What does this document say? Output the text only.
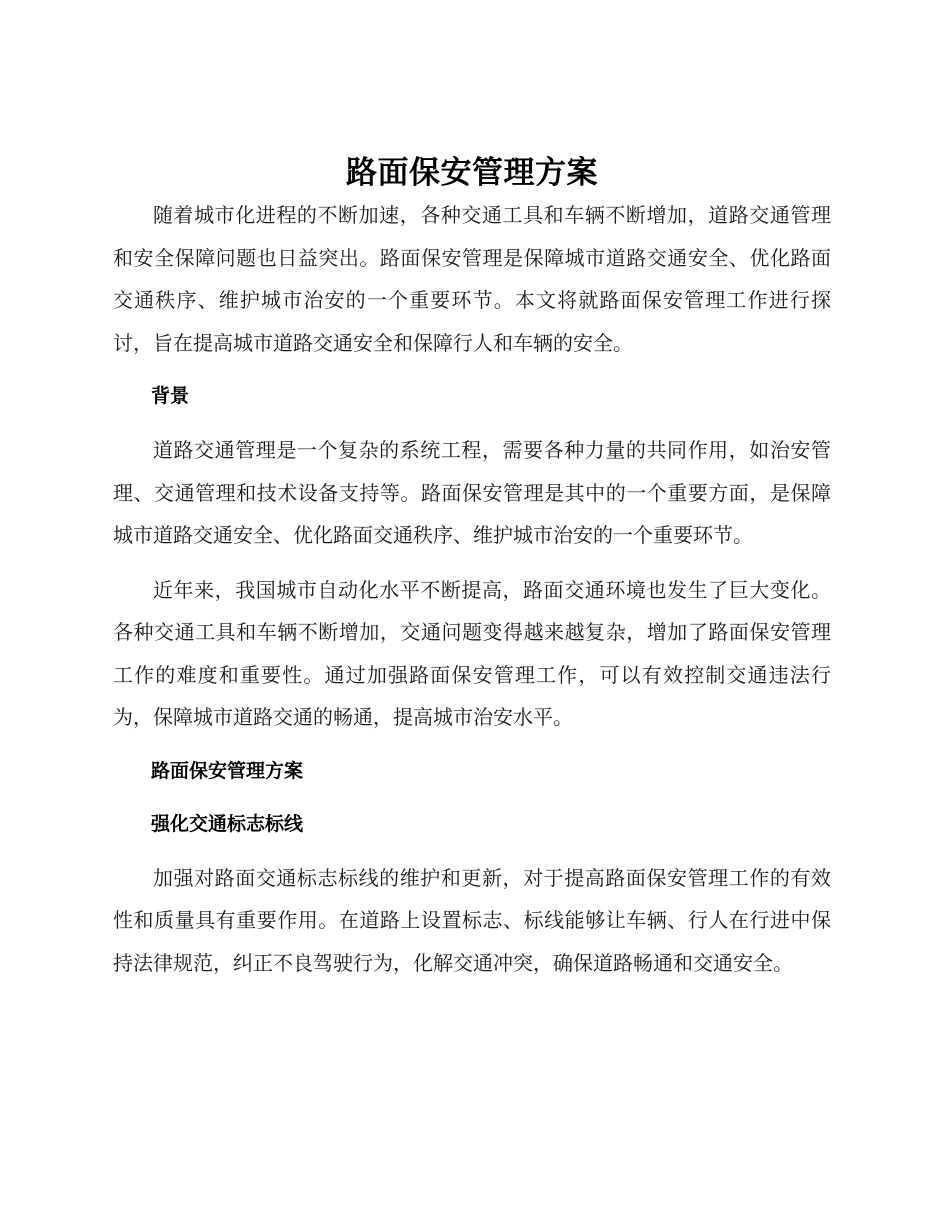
路面保安管理方案

随着城市化进程的不断加速，各种交通工具和车辆不断增加，道路交通管理和安全保障问题也日益突出。路面保安管理是保障城市道路交通安全、优化路面交通秩序、维护城市治安的一个重要环节。本文将就路面保安管理工作进行探讨，旨在提高城市道路交通安全和保障行人和车辆的安全。

背景

道路交通管理是一个复杂的系统工程，需要各种力量的共同作用，如治安管理、交通管理和技术设备支持等。路面保安管理是其中的一个重要方面，是保障城市道路交通安全、优化路面交通秩序、维护城市治安的一个重要环节。

近年来，我国城市自动化水平不断提高，路面交通环境也发生了巨大变化。各种交通工具和车辆不断增加，交通问题变得越来越复杂，增加了路面保安管理工作的难度和重要性。通过加强路面保安管理工作，可以有效控制交通违法行为，保障城市道路交通的畅通，提高城市治安水平。

路面保安管理方案
强化交通标志标线

加强对路面交通标志标线的维护和更新，对于提高路面保安管理工作的有效性和质量具有重要作用。在道路上设置标志、标线能够让车辆、行人在行进中保持法律规范，纠正不良驾驶行为，化解交通冲突，确保道路畅通和交通安全。
